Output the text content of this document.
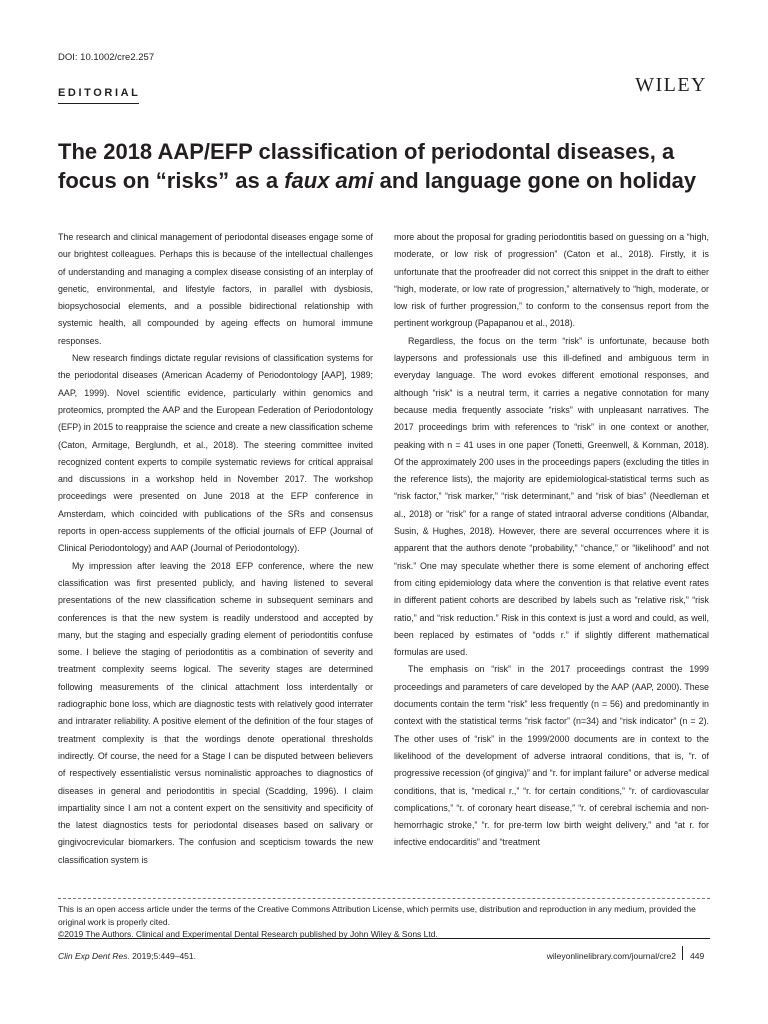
DOI: 10.1002/cre2.257
EDITORIAL	WILEY
The 2018 AAP/EFP classification of periodontal diseases, a focus on “risks” as a faux ami and language gone on holiday

The research and clinical management of periodontal diseases engage some of our brightest colleagues. Perhaps this is because of the intellectual challenges of understanding and managing a complex disease consisting of an interplay of genetic, environmental, and lifestyle factors, in parallel with dysbiosis, biopsychosocial elements, and a possible bidirectional relationship with systemic health, all compounded by ageing effects on humoral immune responses.

New research findings dictate regular revisions of classification systems for the periodontal diseases (American Academy of Periodontology [AAP], 1989; AAP, 1999). Novel scientific evidence, particularly within genomics and proteomics, prompted the AAP and the European Federation of Periodontology (EFP) in 2015 to reappraise the science and create a new classification scheme (Caton, Armitage, Berglundh, et al., 2018). The steering committee invited recognized content experts to compile systematic reviews for critical appraisal and discussions in a workshop held in November 2017. The workshop proceedings were presented on June 2018 at the EFP conference in Amsterdam, which coincided with publications of the SRs and consensus reports in open-access supplements of the official journals of EFP (Journal of Clinical Periodontology) and AAP (Journal of Periodontology).

My impression after leaving the 2018 EFP conference, where the new classification was first presented publicly, and having listened to several presentations of the new classification scheme in subsequent seminars and conferences is that the new system is readily understood and accepted by many, but the staging and especially grading element of periodontitis confuse some. I believe the staging of periodontitis as a combination of severity and treatment complexity seems logical. The severity stages are determined following measurements of the clinical attachment loss interdentally or radiographic bone loss, which are diagnostic tests with relatively good interrater and intrarater reliability. A positive element of the definition of the four stages of treatment complexity is that the wordings denote operational thresholds indirectly. Of course, the need for a Stage I can be disputed between believers of respectively essentialistic versus nominalistic approaches to diagnostics of diseases in general and periodontitis in special (Scadding, 1996). I claim impartiality since I am not a content expert on the sensitivity and specificity of the latest diagnostics tests for periodontal diseases based on salivary or gingivocrevicular biomarkers. The confusion and scepticism towards the new classification system is

more about the proposal for grading periodontitis based on guessing on a “high, moderate, or low risk of progression” (Caton et al., 2018). Firstly, it is unfortunate that the proofreader did not correct this snippet in the draft to either “high, moderate, or low rate of progression,” alternatively to “high, moderate, or low risk of further progression,” to conform to the consensus report from the pertinent workgroup (Papapanou et al., 2018).

Regardless, the focus on the term “risk” is unfortunate, because both laypersons and professionals use this ill-defined and ambiguous term in everyday language. The word evokes different emotional responses, and although “risk” is a neutral term, it carries a negative connotation for many because media frequently associate “risks” with unpleasant narratives. The 2017 proceedings brim with references to “risk” in one context or another, peaking with n = 41 uses in one paper (Tonetti, Greenwell, & Kornman, 2018). Of the approximately 200 uses in the proceedings papers (excluding the titles in the reference lists), the majority are epidemiological-statistical terms such as “risk factor,” “risk marker,” “risk determinant,” and “risk of bias” (Needleman et al., 2018) or “risk” for a range of stated intraoral adverse conditions (Albandar, Susin, & Hughes, 2018). However, there are several occurrences where it is apparent that the authors denote “probability,” “chance,” or “likelihood” and not “risk.” One may speculate whether there is some element of anchoring effect from citing epidemiology data where the convention is that relative event rates in different patient cohorts are described by labels such as “relative risk,” “risk ratio,” and “risk reduction.” Risk in this context is just a word and could, as well, been replaced by estimates of “odds r.” if slightly different mathematical formulas are used.

The emphasis on “risk” in the 2017 proceedings contrast the 1999 proceedings and parameters of care developed by the AAP (AAP, 2000). These documents contain the term “risk” less frequently (n = 56) and predominantly in context with the statistical terms “risk factor” (n=34) and “risk indicator” (n = 2). The other uses of “risk” in the 1999/2000 documents are in context to the likelihood of the development of adverse intraoral conditions, that is, “r. of progressive recession (of gingiva)” and “r. for implant failure” or adverse medical conditions, that is, “medical r.,” “r. for certain conditions,” “r. of cardiovascular complications,” “r. of coronary heart disease,” “r. of cerebral ischemia and non-hemorrhagic stroke,” “r. for pre-term low birth weight delivery,” and “at r. for infective endocarditis” and “treatment

This is an open access article under the terms of the Creative Commons Attribution License, which permits use, distribution and reproduction in any medium, provided the original work is properly cited.

©2019 The Authors. Clinical and Experimental Dental Research published by John Wiley & Sons Ltd.

Clin Exp Dent Res. 2019;5:449–451.	wileyonlinelibrary.com/journal/cre2 449
